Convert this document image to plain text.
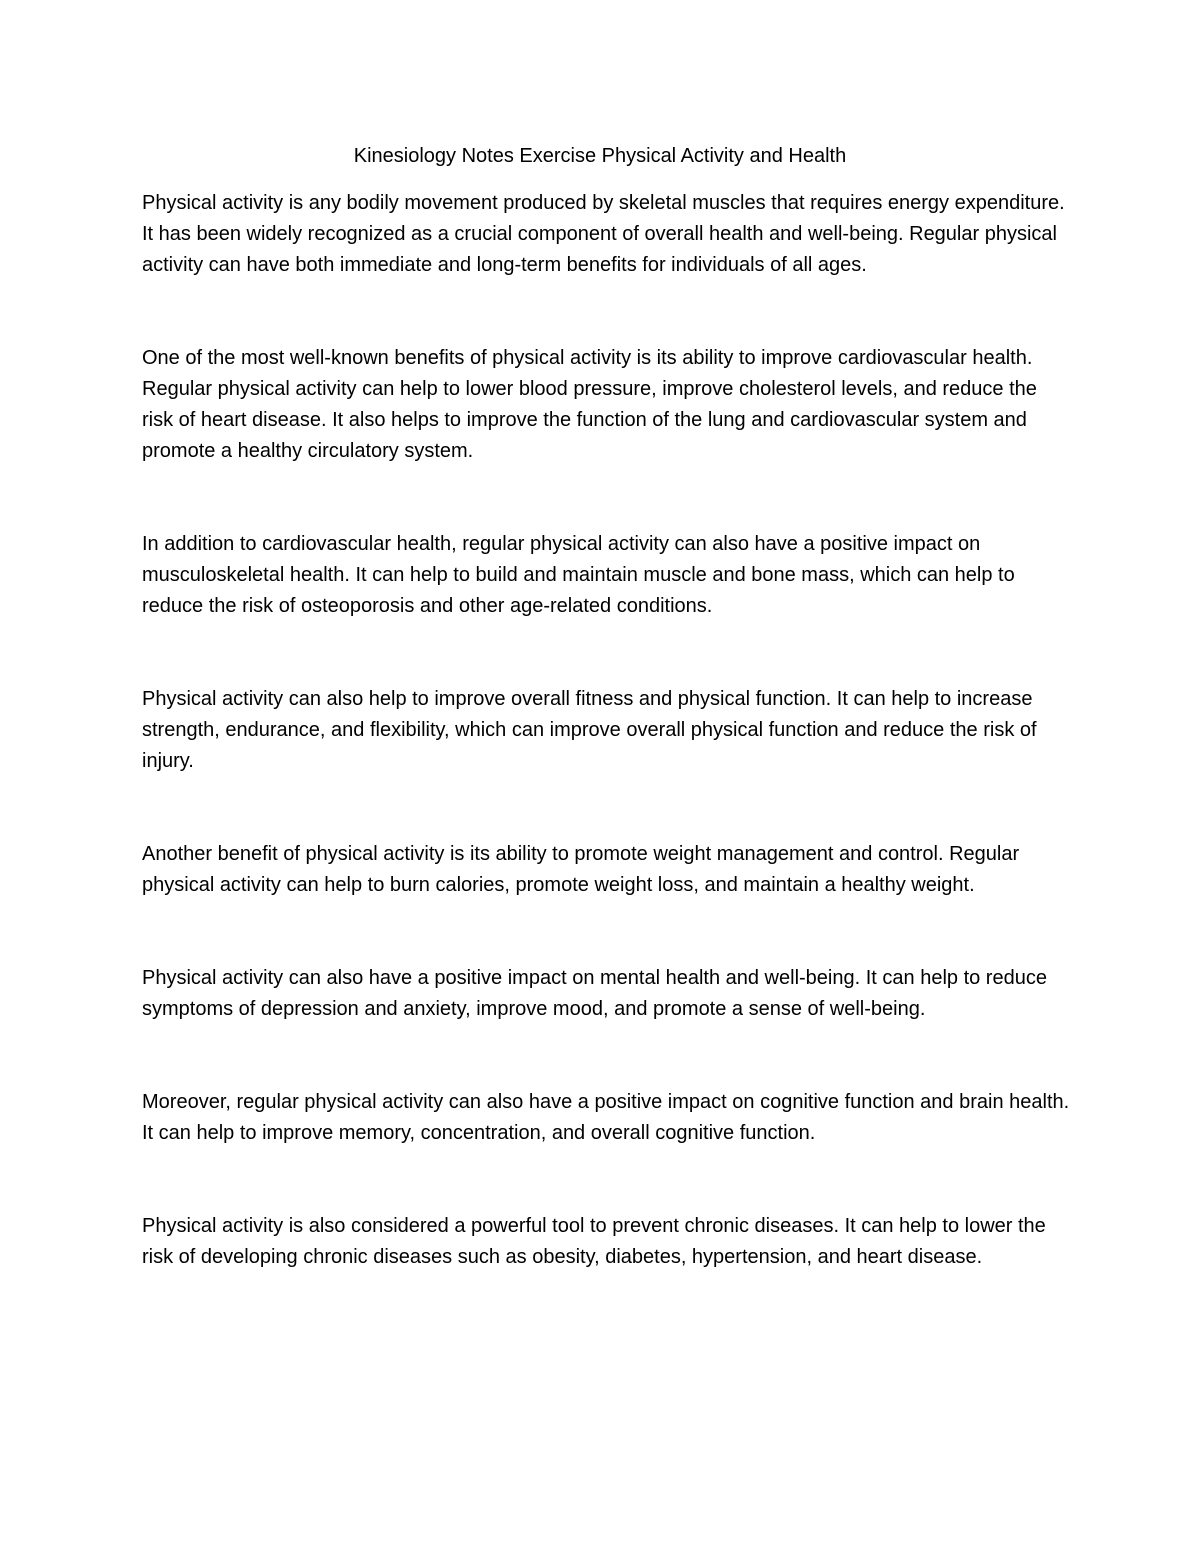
Kinesiology Notes Exercise Physical Activity and Health

Physical activity is any bodily movement produced by skeletal muscles that requires energy expenditure. It has been widely recognized as a crucial component of overall health and well-being. Regular physical activity can have both immediate and long-term benefits for individuals of all ages.

One of the most well-known benefits of physical activity is its ability to improve cardiovascular health. Regular physical activity can help to lower blood pressure, improve cholesterol levels, and reduce the risk of heart disease. It also helps to improve the function of the lung and cardiovascular system and promote a healthy circulatory system.

In addition to cardiovascular health, regular physical activity can also have a positive impact on musculoskeletal health. It can help to build and maintain muscle and bone mass, which can help to reduce the risk of osteoporosis and other age-related conditions.

Physical activity can also help to improve overall fitness and physical function. It can help to increase strength, endurance, and flexibility, which can improve overall physical function and reduce the risk of injury.

Another benefit of physical activity is its ability to promote weight management and control. Regular physical activity can help to burn calories, promote weight loss, and maintain a healthy weight.

Physical activity can also have a positive impact on mental health and well-being. It can help to reduce symptoms of depression and anxiety, improve mood, and promote a sense of well-being.

Moreover, regular physical activity can also have a positive impact on cognitive function and brain health. It can help to improve memory, concentration, and overall cognitive function.

Physical activity is also considered a powerful tool to prevent chronic diseases. It can help to lower the risk of developing chronic diseases such as obesity, diabetes, hypertension, and heart disease.
